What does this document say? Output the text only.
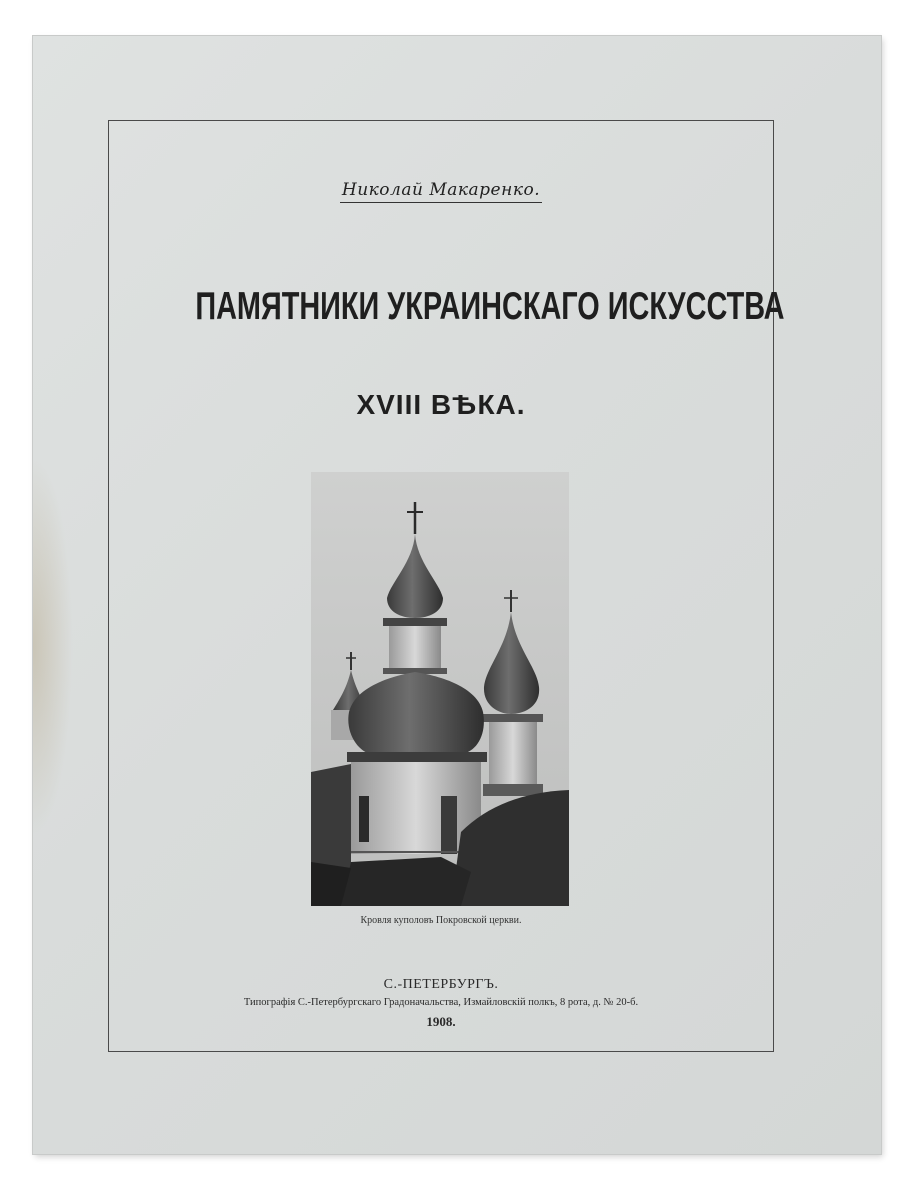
Николай Макаренко.
ПАМЯТНИКИ УКРАИНСКАГО ИСКУССТВА
XVIII ВѢКА.
Кровля куполовъ Покровской церкви.
С.-ПЕТЕРБУРГЪ.
Типографія С.-Петербургскаго Градоначальства, Измайловскій полкъ, 8 рота, д. № 20-б.
1908.
